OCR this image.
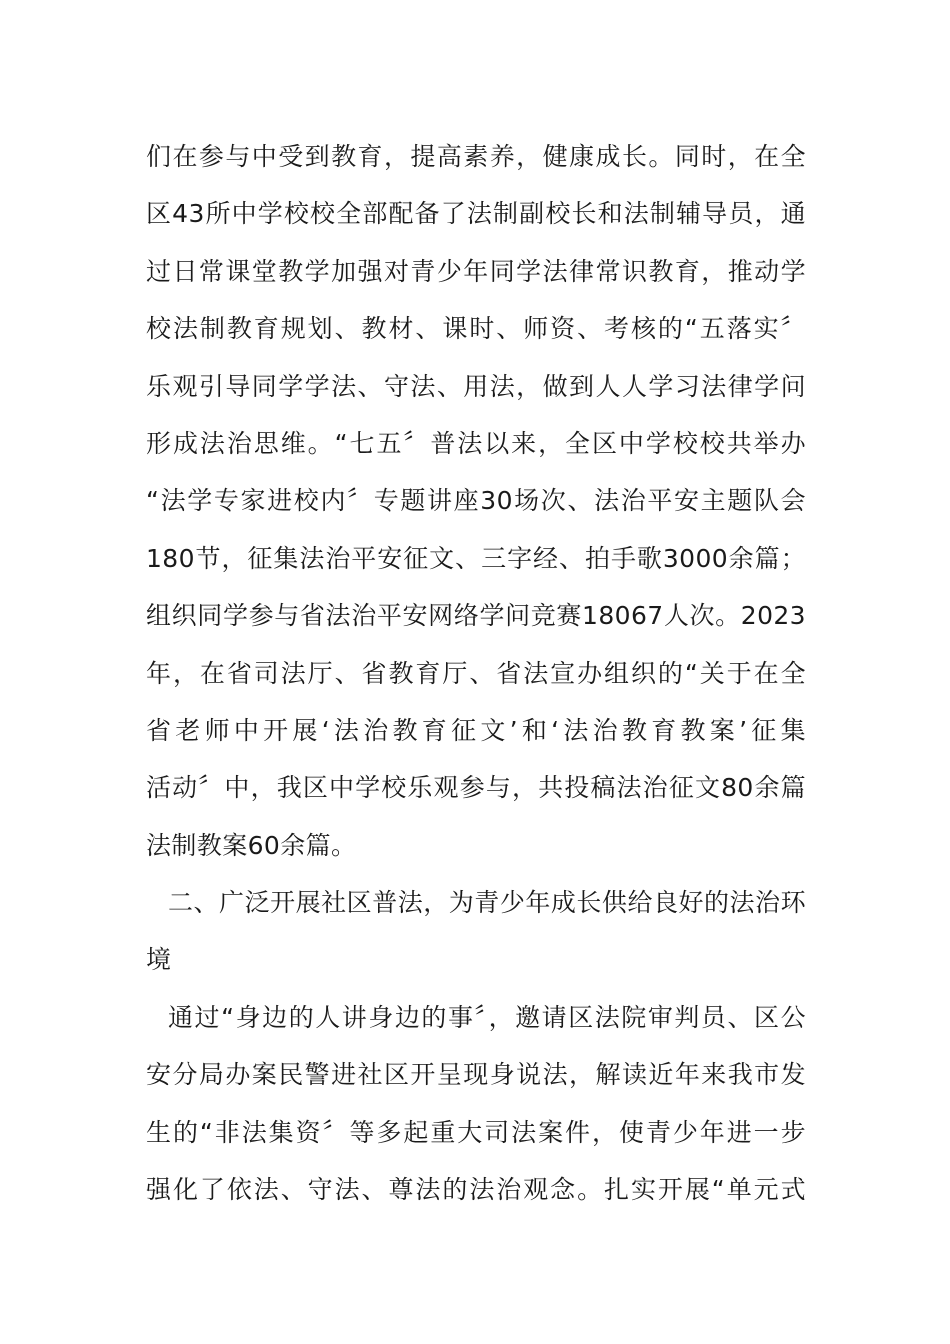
们在参与中受到教育，提高素养，健康成长。同时，在全
区43所中学校校全部配备了法制副校长和法制辅导员，通
过日常课堂教学加强对青少年同学法律常识教育，推动学
校法制教育规划、教材、课时、师资、考核的“五落实〞
乐观引导同学学法、守法、用法，做到人人学习法律学问
形成法治思维。“七五〞普法以来，全区中学校校共举办
“法学专家进校内〞专题讲座30场次、法治平安主题队会
180节，征集法治平安征文、三字经、拍手歌3000余篇；
组织同学参与省法治平安网络学问竞赛18067人次。2023
年，在省司法厅、省教育厅、省法宣办组织的“关于在全
省老师中开展‘法治教育征文’和‘法治教育教案’征集
活动〞中，我区中学校乐观参与，共投稿法治征文80余篇
法制教案60余篇。
二、广泛开展社区普法，为青少年成长供给良好的法治环
境
通过“身边的人讲身边的事〞，邀请区法院审判员、区公
安分局办案民警进社区开呈现身说法，解读近年来我市发
生的“非法集资〞等多起重大司法案件，使青少年进一步
强化了依法、守法、尊法的法治观念。扎实开展“单元式
